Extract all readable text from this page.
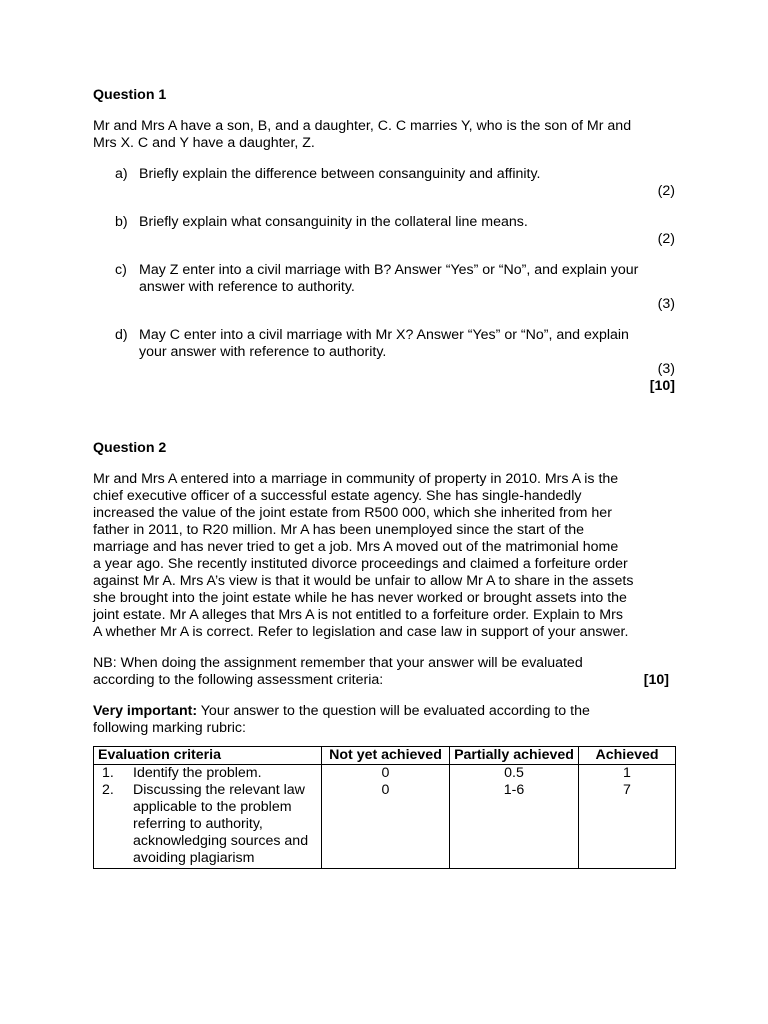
Question 1

Mr and Mrs A have a son, B, and a daughter, C. C marries Y, who is the son of Mr and

Mrs X. C and Y have a daughter, Z.

a) Briefly explain the difference between consanguinity and affinity.

(2)

b) Briefly explain what consanguinity in the collateral line means.

(2)

c) May Z enter into a civil marriage with B? Answer “Yes” or “No”, and explain your
answer with reference to authority.

(3)

d) May C enter into a civil marriage with Mr X? Answer “Yes” or “No”, and explain
your answer with reference to authority.

(3)

[10]

Question 2

Mr and Mrs A entered into a marriage in community of property in 2010. Mrs A is the
chief executive officer of a successful estate agency. She has single-handedly
increased the value of the joint estate from R500 000, which she inherited from her
father in 2011, to R20 million. Mr A has been unemployed since the start of the
marriage and has never tried to get a job. Mrs A moved out of the matrimonial home
a year ago. She recently instituted divorce proceedings and claimed a forfeiture order
against Mr A. Mrs A’s view is that it would be unfair to allow Mr A to share in the assets
she brought into the joint estate while he has never worked or brought assets into the
joint estate. Mr A alleges that Mrs A is not entitled to a forfeiture order. Explain to Mrs
A whether Mr A is correct. Refer to legislation and case law in support of your answer.
NB: When doing the assignment remember that your answer will be evaluated
according to the following assessment criteria:	[10]
Very important: Your answer to the question will be evaluated according to the
following marking rubric:
Evaluation criteria	Not yet achieved	Partially achieved	Achieved

1. Identify the problem.	0	0.5	1

2. Discussing the relevant law applicable to the problem referring to authority, acknowledging sources and avoiding plagiarism	0	1-6	7
